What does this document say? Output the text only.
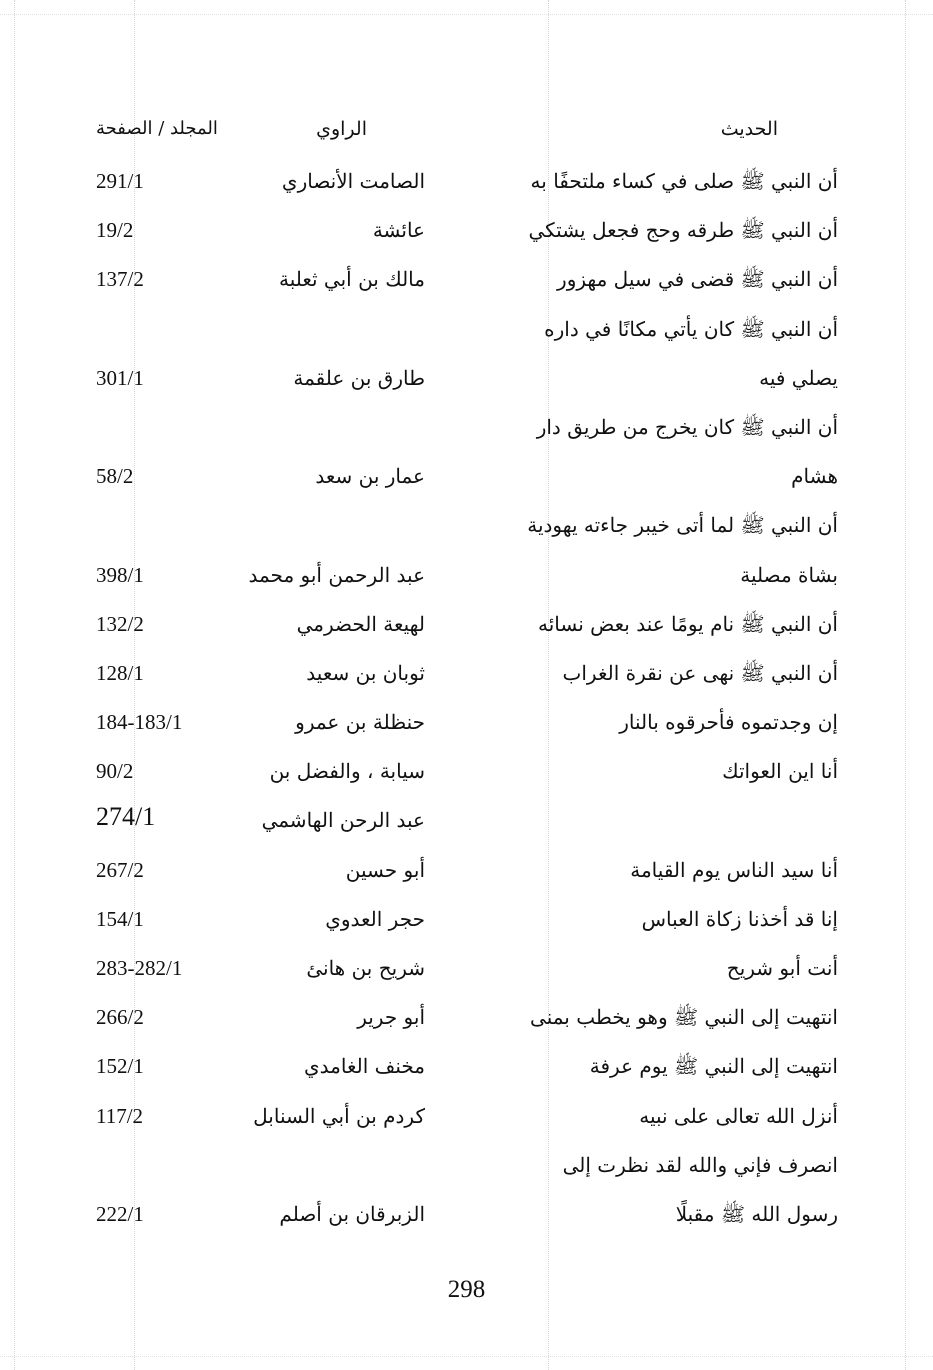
الحديث
الراوي
المجلد / الصفحة
أن النبي ﷺ صلى في كساء ملتحفًا به
الصامت الأنصاري
291/1
أن النبي ﷺ طرقه وحج فجعل يشتكي
عائشة
19/2
أن النبي ﷺ قضى في سيل مهزور
مالك بن أبي ثعلبة
137/2
أن النبي ﷺ كان يأتي مكانًا في داره
يصلي فيه
طارق بن علقمة
301/1
أن النبي ﷺ كان يخرج من طريق دار
هشام
عمار بن سعد
58/2
أن النبي ﷺ لما أتى خيبر جاءته يهودية
بشاة مصلية
عبد الرحمن أبو محمد
398/1
أن النبي ﷺ نام يومًا عند بعض نسائه
لهيعة الحضرمي
132/2
أن النبي ﷺ نهى عن نقرة الغراب
ثوبان بن سعيد
128/1
إن وجدتموه فأحرقوه بالنار
حنظلة بن عمرو
184-183/1
أنا اين العواتك
سيابة ، والفضل بن
90/2
عبد الرحن الهاشمي
274/1
أنا سيد الناس يوم القيامة
أبو حسين
267/2
إنا قد أخذنا زكاة العباس
حجر العدوي
154/1
أنت أبو شريح
شريح بن هانئ
283-282/1
انتهيت إلى النبي ﷺ وهو يخطب بمنى
أبو جرير
266/2
انتهيت إلى النبي ﷺ يوم عرفة
مخنف الغامدي
152/1
أنزل الله تعالى على نبيه
كردم بن أبي السنابل
117/2
انصرف فإني والله لقد نظرت إلى
رسول الله ﷺ مقبلًا
الزبرقان بن أصلم
222/1
298
